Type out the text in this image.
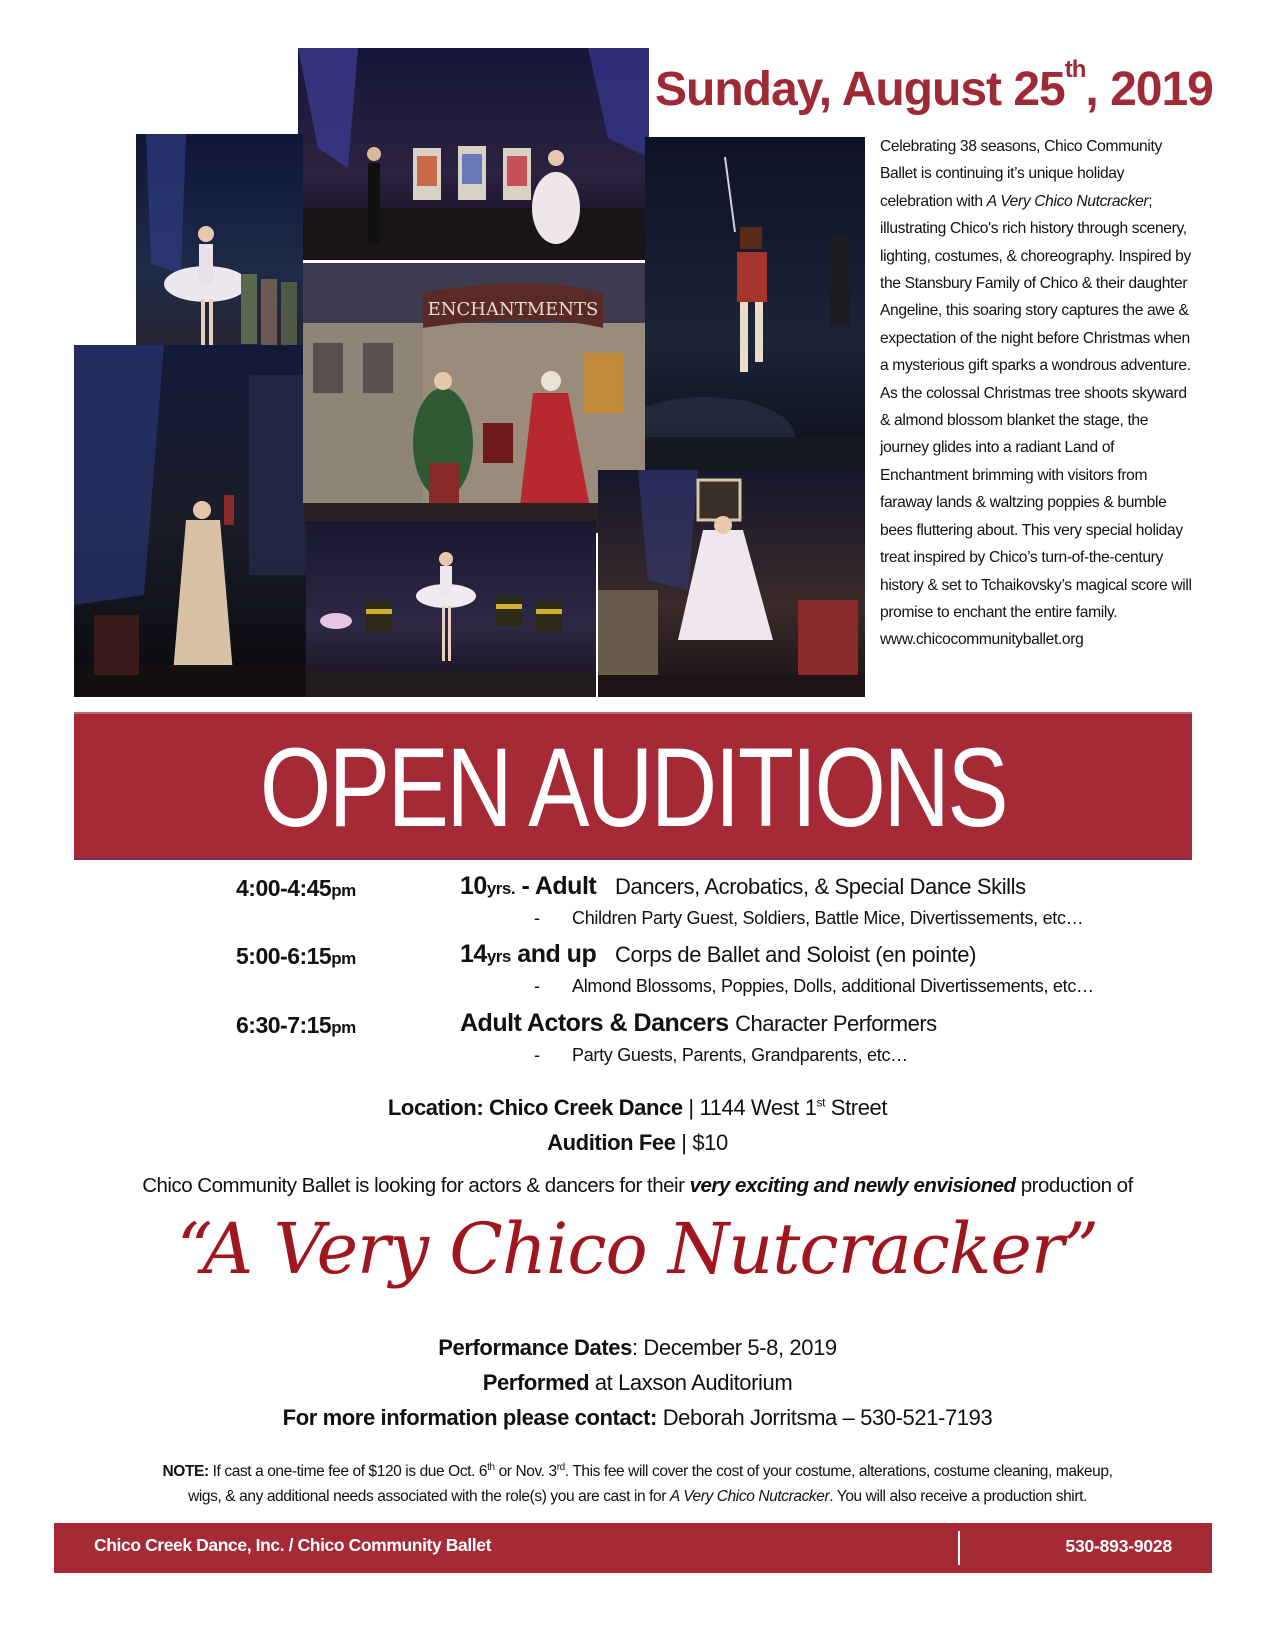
Sunday, August 25th, 2019
ENCHANTMENTS
Celebrating 38 seasons, Chico Community Ballet is continuing it’s unique holiday celebration with A Very Chico Nutcracker; illustrating Chico's rich history through scenery, lighting, costumes, & choreography. Inspired by the Stansbury Family of Chico & their daughter Angeline, this soaring story captures the awe & expectation of the night before Christmas when a mysterious gift sparks a wondrous adventure. As the colossal Christmas tree shoots skyward & almond blossom blanket the stage, the journey glides into a radiant Land of Enchantment brimming with visitors from faraway lands & waltzing poppies & bumble bees fluttering about. This very special holiday treat inspired by Chico’s turn-of-the-century history & set to Tchaikovsky’s magical score will promise to enchant the entire family.
www.chicocommunityballet.org
OPEN AUDITIONS
4:00-4:45pm	10yrs. - Adult Dancers, Acrobatics, & Special Dance Skills
- Children Party Guest, Soldiers, Battle Mice, Divertissements, etc…
5:00-6:15pm	14yrs and up Corps de Ballet and Soloist (en pointe)
- Almond Blossoms, Poppies, Dolls, additional Divertissements, etc…
6:30-7:15pm	Adult Actors & Dancers Character Performers
- Party Guests, Parents, Grandparents, etc…
Location: Chico Creek Dance | 1144 West 1st Street
Audition Fee | $10
Chico Community Ballet is looking for actors & dancers for their very exciting and newly envisioned production of
“A Very Chico Nutcracker”
Performance Dates: December 5-8, 2019
Performed at Laxson Auditorium
For more information please contact: Deborah Jorritsma – 530-521-7193
NOTE: If cast a one-time fee of $120 is due Oct. 6th or Nov. 3rd. This fee will cover the cost of your costume, alterations, costume cleaning, makeup,
wigs, & any additional needs associated with the role(s) you are cast in for A Very Chico Nutcracker. You will also receive a production shirt.
Chico Creek Dance, Inc. / Chico Community Ballet	530-893-9028
